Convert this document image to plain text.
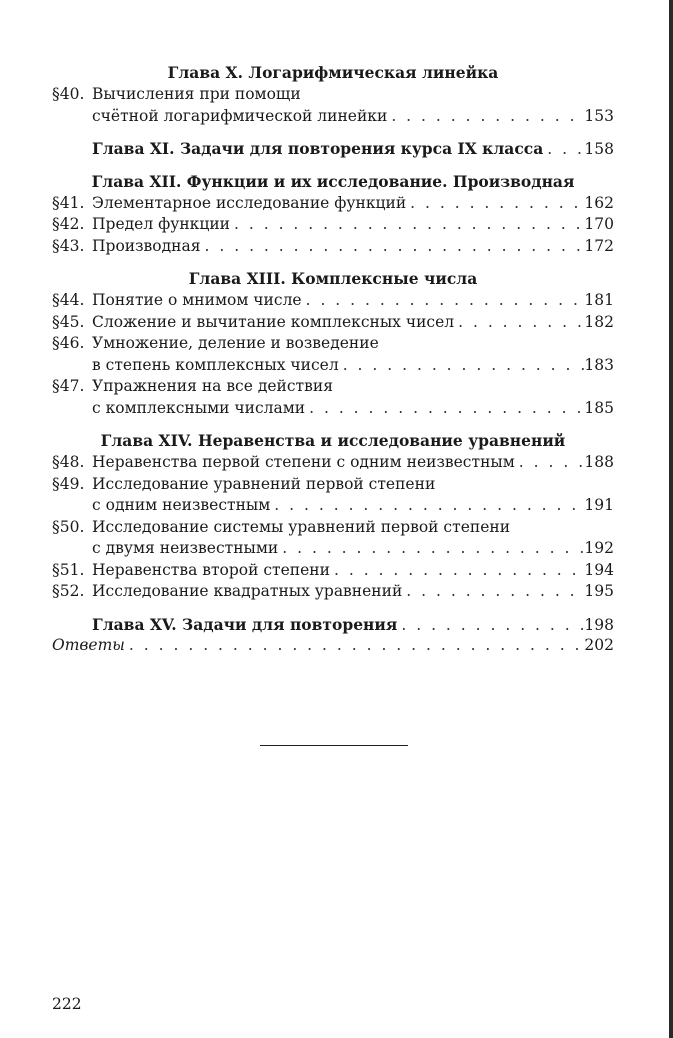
Глава X. Логарифмическая линейка
§40. Вычисления при помощи
счётной логарифмической линейки . . .	153
Глава XI. Задачи для повторения курса IX класса . . .	158
Глава XII. Функции и их исследование. Производная
§41. Элементарное исследование функций . . .	162
§42. Предел функции . . .	170
§43. Производная . . .	172
Глава XIII. Комплексные числа
§44. Понятие о мнимом числе . . .	181
§45. Сложение и вычитание комплексных чисел . . .	182
§46. Умножение, деление и возведение
в степень комплексных чисел . . .	183
§47. Упражнения на все действия
с комплексными числами . . .	185
Глава XIV. Неравенства и исследование уравнений
§48. Неравенства первой степени с одним неизвестным . . .	188
§49. Исследование уравнений первой степени
с одним неизвестным . . .	191
§50. Исследование системы уравнений первой степени
с двумя неизвестными . . .	192
§51. Неравенства второй степени . . .	194
§52. Исследование квадратных уравнений . . .	195
Глава XV. Задачи для повторения . . .	198
Ответы . . .	202
222
